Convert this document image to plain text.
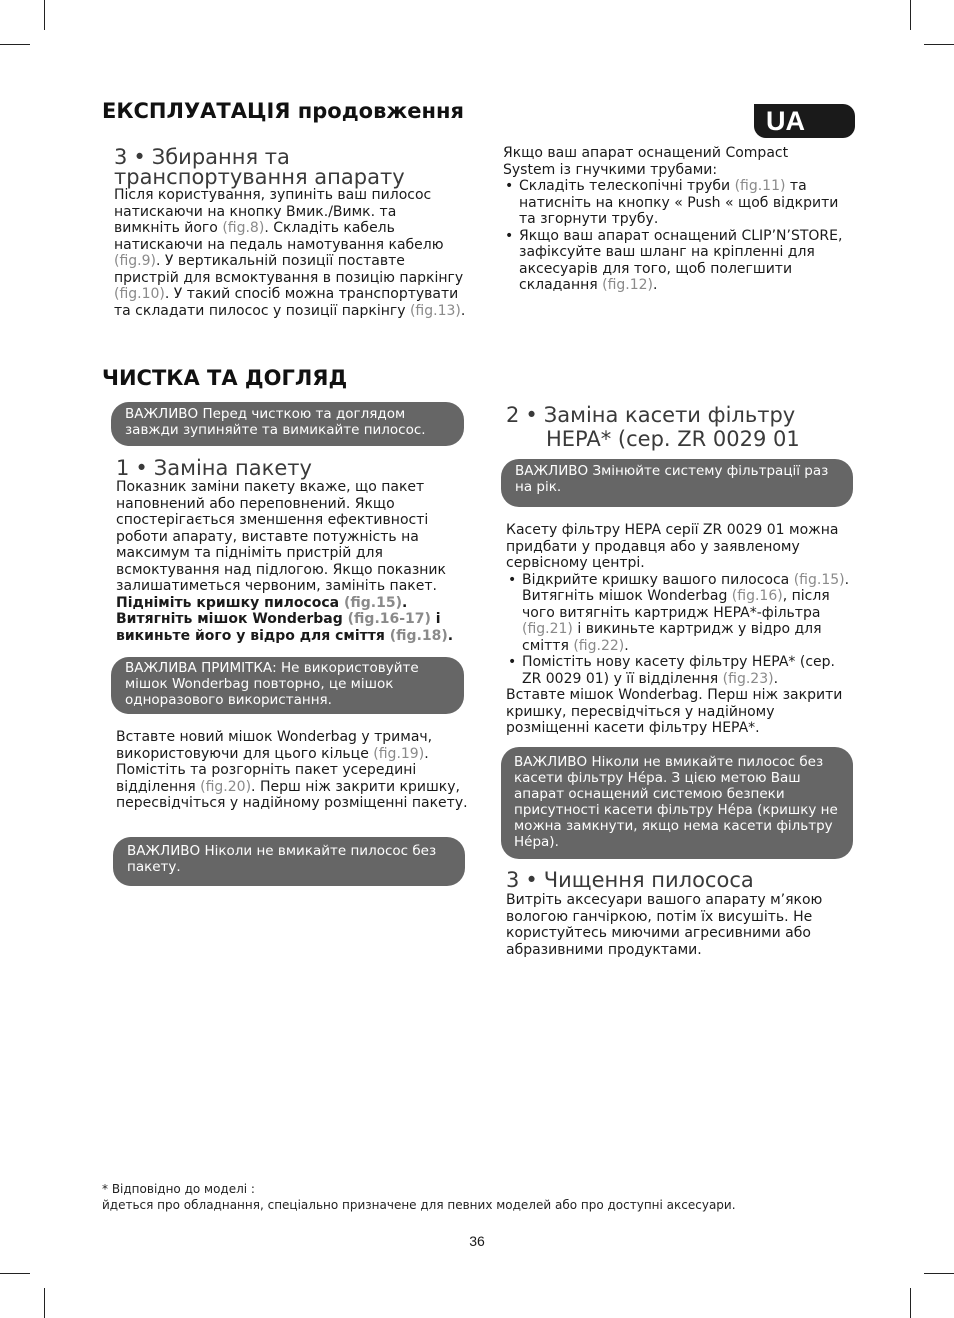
UA
ЕКСПЛУАТАЦІЯ продовження
3 • Збирання та транспортування апарату

Після користування, зупиніть ваш пилосос натискаючи на кнопку Вмик./Вимк. та вимкніть його (fig.8). Складіть кабель натискаючи на педаль намотування кабелю (fig.9). У вертикальній позиції поставте пристрій для всмоктування в позицію паркінгу (fig.10). У такий спосіб можна транспортувати та складати пилосос у позиції паркінгу (fig.13).

Якщо ваш апарат оснащений Compact System із гнучкими трубами:

• Складіть телескопічні труби (fig.11) та натисніть на кнопку « Push « щоб відкрити та згорнути трубу.
• Якщо ваш апарат оснащений CLIP’N’STORE, зафіксуйте ваш шланг на кріпленні для аксесуарів для того, щоб полегшити складання (fig.12).
ЧИСТКА ТА ДОГЛЯД
ВАЖЛИВО Перед чисткою та доглядом завжди зупиняйте та вимикайте пилосос.
1 • Заміна пакету

Показник заміни пакету вкаже, що пакет наповнений або переповнений. Якщо спостерігається зменшення ефективності роботи апарату, виставте потужність на максимум та підніміть пристрій для всмоктування над підлогою. Якщо показник залишатиметься червоним, замініть пакет.

Підніміть кришку пилососа (fig.15).

Витягніть мішок Wonderbag (fig.16-17) і викиньте його у відро для сміття (fig.18).

ВАЖЛИВА ПРИМІТКА: Не використовуйте мішок Wonderbag повторно, це мішок одноразового використання.

Вставте новий мішок Wonderbag у тримач, використовуючи для цього кільце (fig.19). Помістіть та розгорніть пакет усередині відділення (fig.20). Перш ніж закрити кришку, пересвідчіться у надійному розміщенні пакету.

ВАЖЛИВО Ніколи не вмикайте пилосос без пакету.
2 • Заміна касети фільтру HEPA* (сер. ZR 0029 01
ВАЖЛИВО Змінюйте систему фільтрації раз на рік.

Касету фільтру HEPA серії ZR 0029 01 можна придбати у продавця або у заявленому сервісному центрі.

• Відкрийте кришку вашого пилососа (fig.15). Витягніть мішок Wonderbag (fig.16), після чого витягніть картридж HEPA*-фільтра (fig.21) і викиньте картридж у відро для сміття (fig.22).
• Помістіть нову касету фільтру HEPA* (сер. ZR 0029 01) у її відділення (fig.23).

Вставте мішок Wonderbag. Перш ніж закрити кришку, пересвідчіться у надійному розміщенні касети фільтру HEPA*.

ВАЖЛИВО Ніколи не вмикайте пилосос без касети фільтру Hépa. З цією метою Ваш апарат оснащений системою безпеки присутності касети фільтру Hépa (кришку не можна замкнути, якщо нема касети фільтру Hépa).
3 • Чищення пилососа

Витріть аксесуари вашого апарату м’якою вологою ганчіркою, потім їх висушіть. Не користуйтесь миючими агресивними або абразивними продуктами.

* Відповідно до моделі :

йдеться про обладнання, спеціально призначене для певних моделей або про доступні аксесуари.

36
